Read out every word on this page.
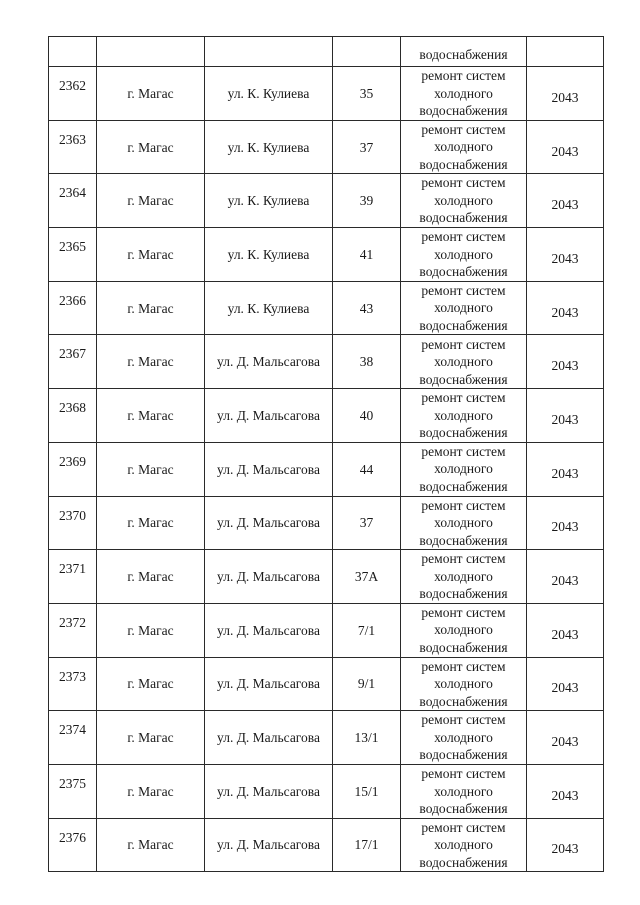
				водоснабжения	

2362	г. Магас	ул. К. Кулиева	35	ремонт систем
холодного
водоснабжения	2043
2363	г. Магас	ул. К. Кулиева	37	ремонт систем
холодного
водоснабжения	2043
2364	г. Магас	ул. К. Кулиева	39	ремонт систем
холодного
водоснабжения	2043
2365	г. Магас	ул. К. Кулиева	41	ремонт систем
холодного
водоснабжения	2043
2366	г. Магас	ул. К. Кулиева	43	ремонт систем
холодного
водоснабжения	2043
2367	г. Магас	ул. Д. Мальсагова	38	ремонт систем
холодного
водоснабжения	2043
2368	г. Магас	ул. Д. Мальсагова	40	ремонт систем
холодного
водоснабжения	2043
2369	г. Магас	ул. Д. Мальсагова	44	ремонт систем
холодного
водоснабжения	2043
2370	г. Магас	ул. Д. Мальсагова	37	ремонт систем
холодного
водоснабжения	2043
2371	г. Магас	ул. Д. Мальсагова	37А	ремонт систем
холодного
водоснабжения	2043
2372	г. Магас	ул. Д. Мальсагова	7/1	ремонт систем
холодного
водоснабжения	2043
2373	г. Магас	ул. Д. Мальсагова	9/1	ремонт систем
холодного
водоснабжения	2043
2374	г. Магас	ул. Д. Мальсагова	13/1	ремонт систем
холодного
водоснабжения	2043
2375	г. Магас	ул. Д. Мальсагова	15/1	ремонт систем
холодного
водоснабжения	2043
2376	г. Магас	ул. Д. Мальсагова	17/1	ремонт систем
холодного
водоснабжения	2043
